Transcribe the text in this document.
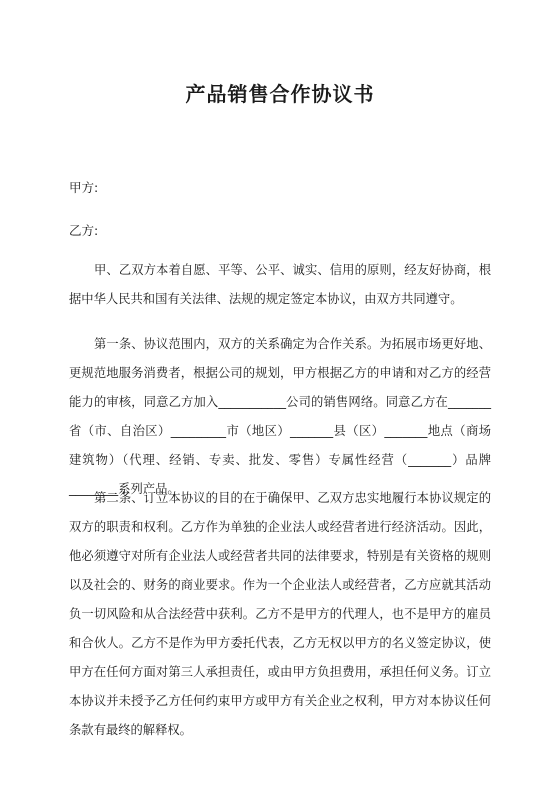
产品销售合作协议书
甲方:
乙方:

甲、乙双方本着自愿、平等、公平、诚实、信用的原则，经友好协商，根据中华人民共和国有关法律、法规的规定签定本协议，由双方共同遵守。

第一条、协议范围内，双方的关系确定为合作关系。为拓展市场更好地、更规范地服务消费者，根据公司的规划，甲方根据乙方的申请和对乙方的经营能力的审核，同意乙方加入___________公司的销售网络。同意乙方在_______省（市、自治区）_________市（地区）_______县（区）_______地点（商场建筑物）（代理、经销、专卖、批发、零售）专属性经营（_______）品牌________系列产品。

第二条、订立本协议的目的在于确保甲、乙双方忠实地履行本协议规定的双方的职责和权利。乙方作为单独的企业法人或经营者进行经济活动。因此，他必须遵守对所有企业法人或经营者共同的法律要求，特别是有关资格的规则以及社会的、财务的商业要求。作为一个企业法人或经营者，乙方应就其活动负一切风险和从合法经营中获利。乙方不是甲方的代理人，也不是甲方的雇员和合伙人。乙方不是作为甲方委托代表，乙方无权以甲方的名义签定协议，使甲方在任何方面对第三人承担责任，或由甲方负担费用，承担任何义务。订立本协议并未授予乙方任何约束甲方或甲方有关企业之权利，甲方对本协议任何条款有最终的解释权。
